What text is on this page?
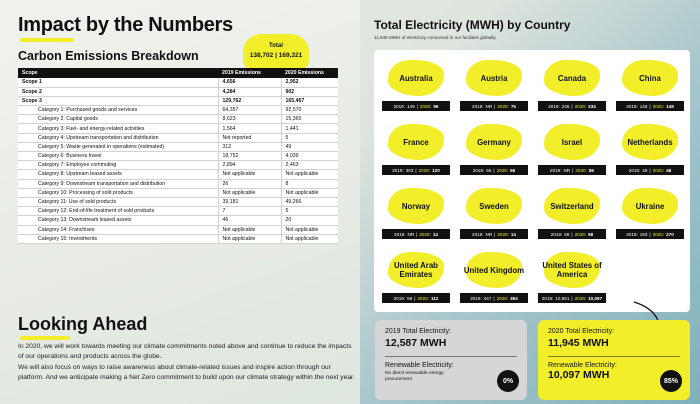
Impact by the Numbers
Carbon Emissions Breakdown
Total
138,702 | 169,321
Scope	2019 Emissions	2020 Emissions
Scope 1	4,656	2,952
Scope 2	4,284	902
Scope 3	129,762	165,467
Category 1: Purchased goods and services	64,357	92,570
Category 2: Capital goods	8,623	15,365
Category 3: Fuel- and energy-related activities	1,564	1,441
Category 4: Upstream transportation and distribution	Not reported	5
Category 5: Waste generated in operations (estimated)	312	49
Category 6: Business travel	18,752	4,039
Category 7: Employee commuting	2,894	2,463
Category 8: Upstream leased assets	Not applicable	Not applicable
Category 9: Downstream transportation and distribution	26	8
Category 10: Processing of sold products	Not applicable	Not applicable
Category 11: Use of sold products	33,181	49,266
Category 12: End-of-life treatment of sold products	7	5
Category 13: Downstream leased assets	46	20
Category 14: Franchises	Not applicable	Not applicable
Category 15: Investments	Not applicable	Not applicable
Looking Ahead
In 2020, we will work towards meeting our climate commitments noted above and continue to reduce the impacts of our operations and products across the globe.
We will also focus on ways to raise awareness about climate-related issues and inspire action through our platform. And we anticipate making a Net Zero commitment to build upon our climate strategy within the next year.
Total Electricity (MWH) by Country
11,945 MWH of electricity consumed in our facilities globally.
Australia
2019: 149 | 2020: 96
Austria
2019: NR | 2020: 75
Canada
2019: 245 | 2020: 234
China
2019: 146 | 2020: 148
France
2019: 303 | 2020: 120
Germany
2019: 66 | 2020: 66
Israel
2019: NR | 2020: 86
Netherlands
2019: 48 | 2020: 48
Norway
2019: NR | 2020: 14
Sweden
2019: NR | 2020: 14
Switzerland
2019: 68 | 2020: 68
Ukraine
2019: 193 | 2020: 270
United Arab Emirates
2019: 58 | 2020: 112
United Kingdom
2019: 447 | 2020: 494
United States of America
2019: 10,861 | 2020: 10,097
2019 Total Electricity:
12,587 MWH
Renewable Electricity:
No direct renewable energy procurement	0%
2020 Total Electricity:
11,945 MWH
Renewable Electricity:
10,097 MWH	85%
